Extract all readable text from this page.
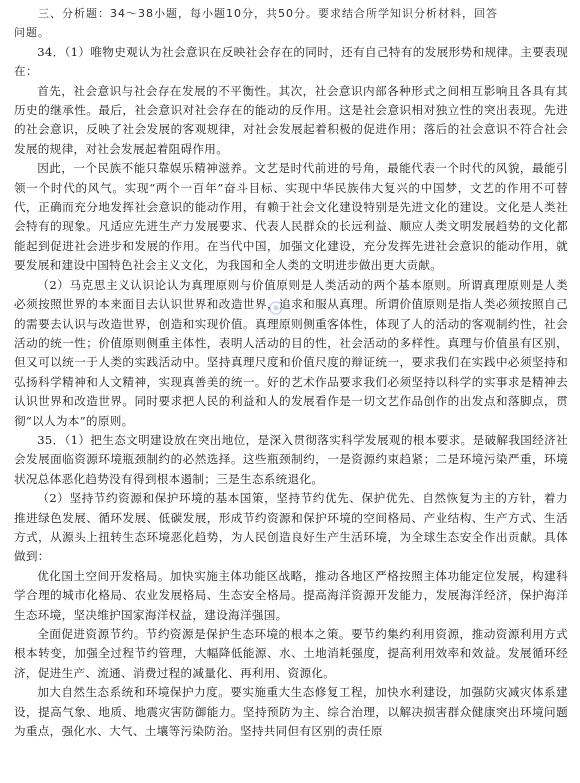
三、分析题：34～38小题，每小题10分，共50分。要求结合所学知识分析材料，回答

问题。

34．（1）唯物史观认为社会意识在反映社会存在的同时，还有自己特有的发展形势和规律。主要表现在：

首先，社会意识与社会存在发展的不平衡性。其次，社会意识内部各种形式之间相互影响且各具有其历史的继承性。最后，社会意识对社会存在的能动的反作用。这是社会意识相对独立性的突出表现。先进的社会意识，反映了社会发展的客观规律，对社会发展起着积极的促进作用；落后的社会意识不符合社会发展的规律，对社会发展起着阻碍作用。

因此，一个民族不能只靠娱乐精神滋养。文艺是时代前进的号角，最能代表一个时代的风貌，最能引领一个时代的风气。实现“两个一百年”奋斗目标、实现中华民族伟大复兴的中国梦，文艺的作用不可替代，正确而充分地发挥社会意识的能动作用，有赖于社会文化建设特别是先进文化的建设。文化是人类社会特有的现象。凡适应先进生产力发展要求、代表人民群众的长远利益、顺应人类文明发展趋势的文化都能起到促进社会进步和发展的作用。在当代中国，加强文化建设，充分发挥先进社会意识的能动作用，就要发展和建设中国特色社会主义文化，为我国和全人类的文明进步做出更大贡献。

（2）马克思主义认识论认为真理原则与价值原则是人类活动的两个基本原则。所谓真理原则是人类必须按照世界的本来面目去认识世界和改造世界，追求和服从真理。所谓价值原则是指人类必须按照自己的需要去认识与改造世界，创造和实现价值。真理原则侧重客体性，体现了人的活动的客观制约性，社会活动的统一性；价值原则侧重主体性，表明人活动的目的性，社会活动的多样性。真理与价值虽有区别，但又可以统一于人类的实践活动中。坚持真理尺度和价值尺度的辩证统一，要求我们在实践中必须坚持和弘扬科学精神和人文精神，实现真善美的统一。好的艺术作品要求我们必须坚持以科学的实事求是精神去认识世界和改造世界。同时要求把人民的利益和人的发展看作是一切文艺作品创作的出发点和落脚点，贯彻“以人为本”的原则。

35．（1）把生态文明建设放在突出地位，是深入贯彻落实科学发展观的根本要求。是破解我国经济社会发展面临资源环境瓶颈制约的必然选择。这些瓶颈制约，一是资源约束趋紧；二是环境污染严重，环境状况总体恶化趋势没有得到根本遏制；三是生态系统退化。

（2）坚持节约资源和保护环境的基本国策，坚持节约优先、保护优先、自然恢复为主的方针，着力推进绿色发展、循环发展、低碳发展，形成节约资源和保护环境的空间格局、产业结构、生产方式、生活方式，从源头上扭转生态环境恶化趋势，为人民创造良好生产生活环境，为全球生态安全作出贡献。具体做到：

优化国土空间开发格局。加快实施主体功能区战略，推动各地区严格按照主体功能定位发展，构建科学合理的城市化格局、农业发展格局、生态安全格局。提高海洋资源开发能力，发展海洋经济，保护海洋生态环境，坚决维护国家海洋权益，建设海洋强国。

全面促进资源节约。节约资源是保护生态环境的根本之策。要节约集约利用资源，推动资源利用方式根本转变，加强全过程节约管理，大幅降低能源、水、土地消耗强度，提高利用效率和效益。发展循环经济，促进生产、流通、消费过程的减量化、再利用、资源化。

加大自然生态系统和环境保护力度。要实施重大生态修复工程，加快水利建设，加强防灾减灾体系建设，提高气象、地质、地震灾害防御能力。坚持预防为主、综合治理，以解决损害群众健康突出环境问题为重点，强化水、大气、土壤等污染防治。坚持共同但有区别的责任原
